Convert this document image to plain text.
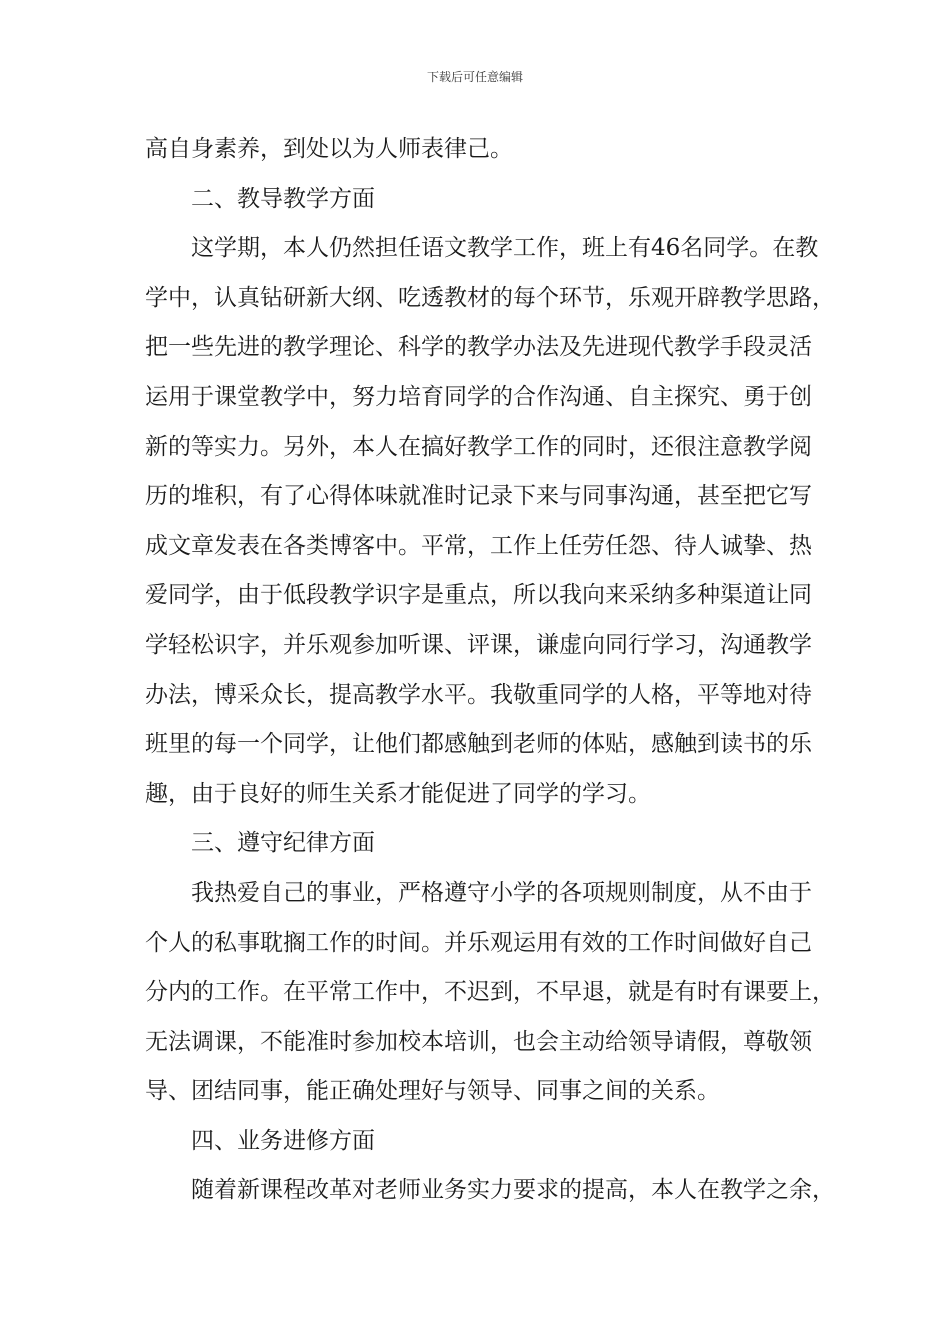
下载后可任意编辑
高自身素养，到处以为人师表律己。
二、教导教学方面
这学期，本人仍然担任语文教学工作，班上有46名同学。在教
学中，认真钻研新大纲、吃透教材的每个环节，乐观开辟教学思路，
把一些先进的教学理论、科学的教学办法及先进现代教学手段灵活
运用于课堂教学中，努力培育同学的合作沟通、自主探究、勇于创
新的等实力。另外，本人在搞好教学工作的同时，还很注意教学阅
历的堆积，有了心得体味就准时记录下来与同事沟通，甚至把它写
成文章发表在各类博客中。平常，工作上任劳任怨、待人诚挚、热
爱同学，由于低段教学识字是重点，所以我向来采纳多种渠道让同
学轻松识字，并乐观参加听课、评课，谦虚向同行学习，沟通教学
办法，博采众长，提高教学水平。我敬重同学的人格，平等地对待
班里的每一个同学，让他们都感触到老师的体贴，感触到读书的乐
趣，由于良好的师生关系才能促进了同学的学习。
三、遵守纪律方面
我热爱自己的事业，严格遵守小学的各项规则制度，从不由于
个人的私事耽搁工作的时间。并乐观运用有效的工作时间做好自己
分内的工作。在平常工作中，不迟到，不早退，就是有时有课要上，
无法调课，不能准时参加校本培训，也会主动给领导请假，尊敬领
导、团结同事，能正确处理好与领导、同事之间的关系。
四、业务进修方面
随着新课程改革对老师业务实力要求的提高，本人在教学之余，
